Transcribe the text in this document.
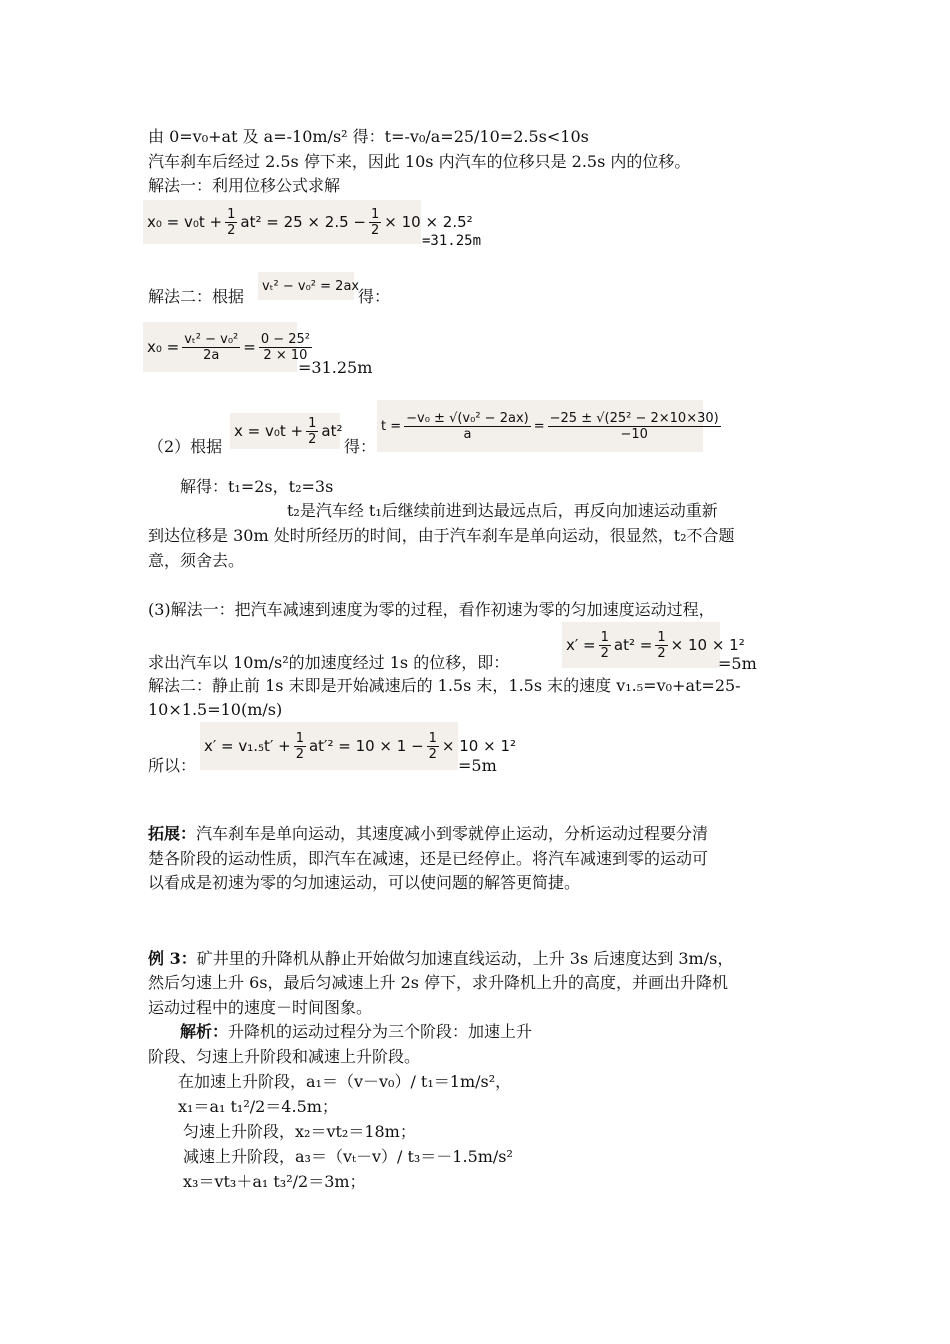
由 0=v₀+at 及 a=-10m/s² 得：t=-v₀/a=25/10=2.5s<10s
汽车刹车后经过 2.5s 停下来，因此 10s 内汽车的位移只是 2.5s 内的位移。
解法一：利用位移公式求解
$x_0 = v_0t + \frac{1}{2} at^2 = 25 \times 2.5 - \frac{1}{2} \times 10 \times 2.5^2$
=31.25m
解法二：根据
vₜ² − v₀² = 2ax
得：
$x_0 = \frac{\text{vₜ² − v₀²}}{2a} = \frac{\text{0 − 25²}}{2 \times 10}$
=31.25m
（2）根据
$x = v_0t + \frac{1}{2} at^2$
得：
$t = \frac{\text{−v₀ ± √(v₀² − 2ax)}}{a} = \frac{\text{−25 ± √(25² − 2×10×30)}}{-10}$
解得：t₁=2s，t₂=3s
t₂是汽车经 t₁后继续前进到达最远点后，再反向加速运动重新
到达位移是 30m 处时所经历的时间，由于汽车刹车是单向运动，很显然，t₂不合题
意，须舍去。
(3)解法一：把汽车减速到速度为零的过程，看作初速为零的匀加速度运动过程，
求出汽车以 10m/s²的加速度经过 1s 的位移，即：
$x' = \frac{1}{2} at^2 = \frac{1}{2} \times 10 \times 1^2$
=5m
解法二：静止前 1s 末即是开始减速后的 1.5s 末，1.5s 末的速度 v₁.₅=v₀+at=25-
10×1.5=10(m/s)
所以：
$x' = v_1._5t' + \frac{1}{2} at'^2 = 10 \times 1 - \frac{1}{2} \times 10 \times 1^2$
=5m
拓展：汽车刹车是单向运动，其速度减小到零就停止运动，分析运动过程要分清
楚各阶段的运动性质，即汽车在减速，还是已经停止。将汽车减速到零的运动可
以看成是初速为零的匀加速运动，可以使问题的解答更简捷。
例 3：矿井里的升降机从静止开始做匀加速直线运动，上升 3s 后速度达到 3m/s，
然后匀速上升 6s，最后匀减速上升 2s 停下，求升降机上升的高度，并画出升降机
运动过程中的速度－时间图象。
解析：升降机的运动过程分为三个阶段：加速上升
阶段、匀速上升阶段和减速上升阶段。
在加速上升阶段，a₁＝（v－v₀）/ t₁＝1m/s²，
x₁＝a₁ t₁²/2＝4.5m；
匀速上升阶段，x₂＝vt₂＝18m；
减速上升阶段，a₃＝（vₜ－v）/ t₃＝－1.5m/s²
x₃＝vt₃＋a₁ t₃²/2＝3m；
